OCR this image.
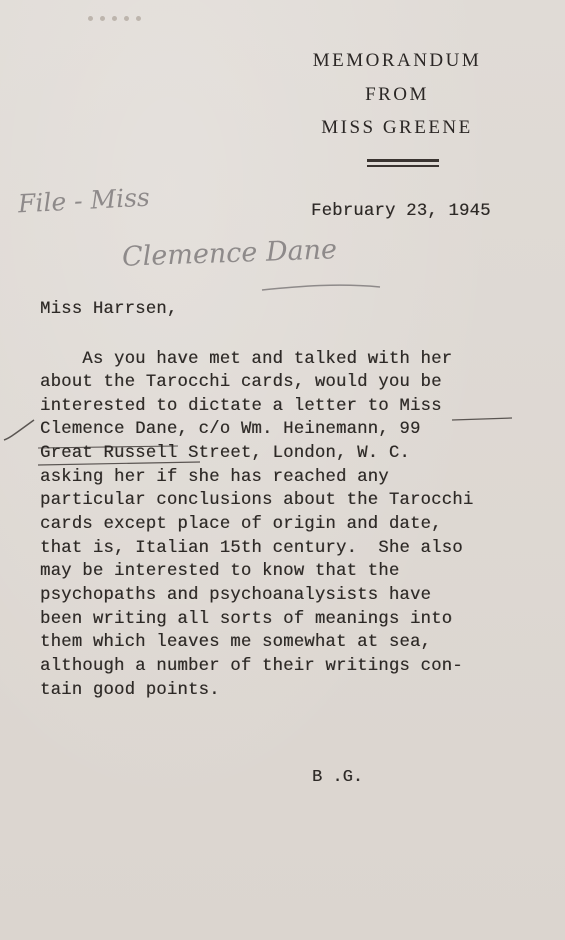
MEMORANDUM
FROM
MISS GREENE
February 23, 1945
File - Miss
Clemence Dane
Miss Harrsen,
As you have met and talked with her
about the Tarocchi cards, would you be
interested to dictate a letter to Miss
Clemence Dane, c/o Wm. Heinemann, 99
Great Russell Street, London, W. C.
asking her if she has reached any
particular conclusions about the Tarocchi
cards except place of origin and date,
that is, Italian 15th century.  She also
may be interested to know that the
psychopaths and psychoanalysists have
been writing all sorts of meanings into
them which leaves me somewhat at sea,
although a number of their writings con-
tain good points.
B .G.
